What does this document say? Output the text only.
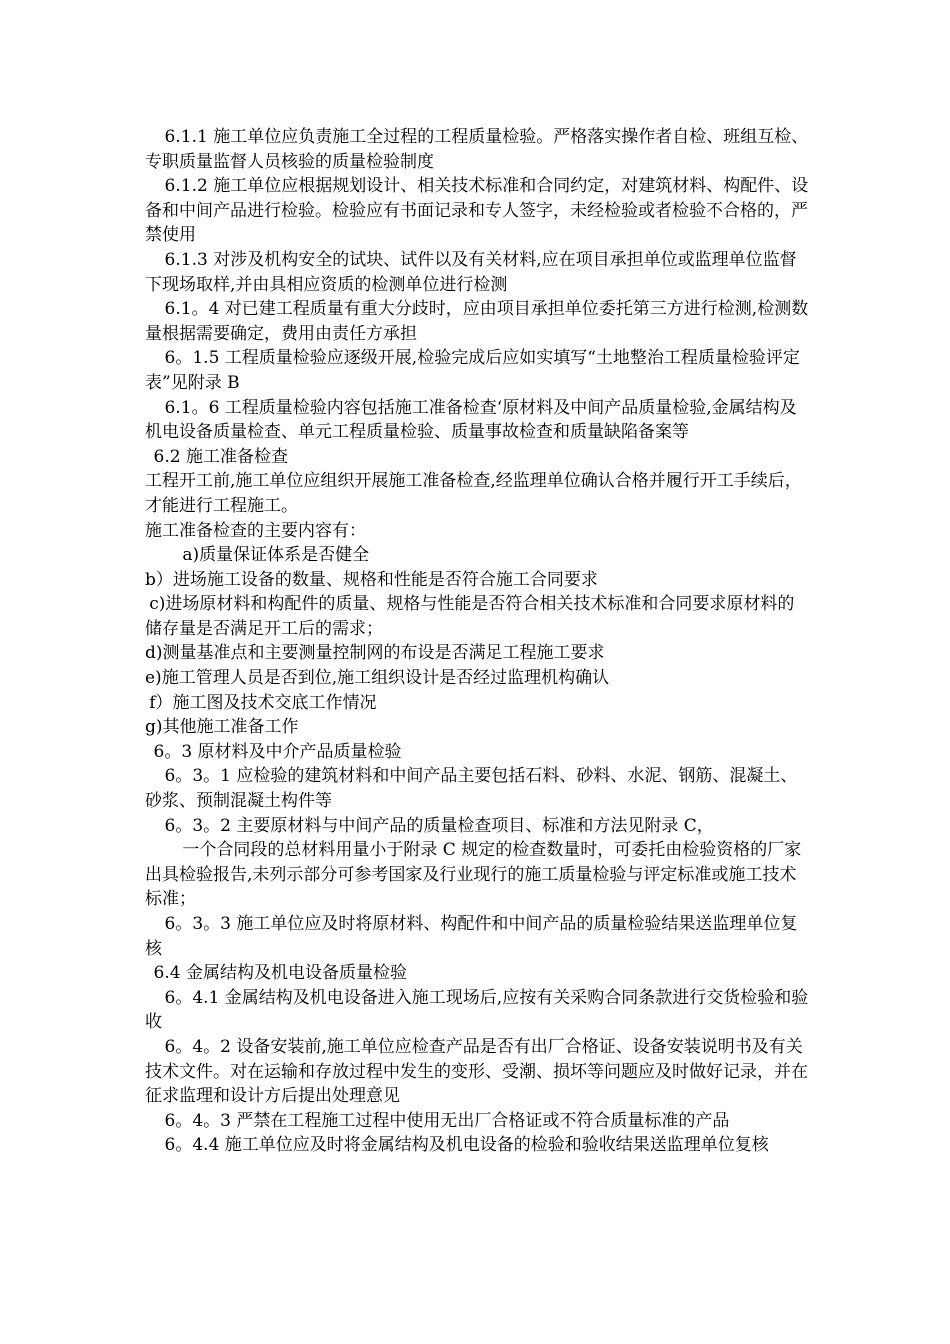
6.1.1 施工单位应负责施工全过程的工程质量检验。严格落实操作者自检、班组互检、专职质量监督人员核验的质量检验制度

6.1.2 施工单位应根据规划设计、相关技术标准和合同约定，对建筑材料、构配件、设备和中间产品进行检验。检验应有书面记录和专人签字，未经检验或者检验不合格的，严禁使用

6.1.3 对涉及机构安全的试块、试件以及有关材料,应在项目承担单位或监理单位监督下现场取样,并由具相应资质的检测单位进行检测

6.1。4 对已建工程质量有重大分歧时，应由项目承担单位委托第三方进行检测,检测数量根据需要确定，费用由责任方承担

6。1.5 工程质量检验应逐级开展,检验完成后应如实填写“土地整治工程质量检验评定表”见附录 B

6.1。6 工程质量检验内容包括施工准备检查‘原材料及中间产品质量检验,金属结构及机电设备质量检查、单元工程质量检验、质量事故检查和质量缺陷备案等

6.2 施工准备检查

工程开工前,施工单位应组织开展施工准备检查,经监理单位确认合格并履行开工手续后，才能进行工程施工。

施工准备检查的主要内容有：

a)质量保证体系是否健全

b）进场施工设备的数量、规格和性能是否符合施工合同要求

c)进场原材料和构配件的质量、规格与性能是否符合相关技术标准和合同要求原材料的储存量是否满足开工后的需求；

d)测量基准点和主要测量控制网的布设是否满足工程施工要求

e)施工管理人员是否到位,施工组织设计是否经过监理机构确认

f）施工图及技术交底工作情况

g)其他施工准备工作

6。3 原材料及中介产品质量检验

6。3。1 应检验的建筑材料和中间产品主要包括石料、砂料、水泥、钢筋、混凝土、砂浆、预制混凝土构件等

6。3。2 主要原材料与中间产品的质量检查项目、标准和方法见附录 C，

一个合同段的总材料用量小于附录 C 规定的检查数量时，可委托由检验资格的厂家出具检验报告,未列示部分可参考国家及行业现行的施工质量检验与评定标准或施工技术标准；

6。3。3 施工单位应及时将原材料、构配件和中间产品的质量检验结果送监理单位复核

6.4 金属结构及机电设备质量检验

6。4.1 金属结构及机电设备进入施工现场后,应按有关采购合同条款进行交货检验和验收

6。4。2 设备安装前,施工单位应检查产品是否有出厂合格证、设备安装说明书及有关技术文件。对在运输和存放过程中发生的变形、受潮、损坏等问题应及时做好记录，并在征求监理和设计方后提出处理意见

6。4。3 严禁在工程施工过程中使用无出厂合格证或不符合质量标准的产品

6。4.4 施工单位应及时将金属结构及机电设备的检验和验收结果送监理单位复核
